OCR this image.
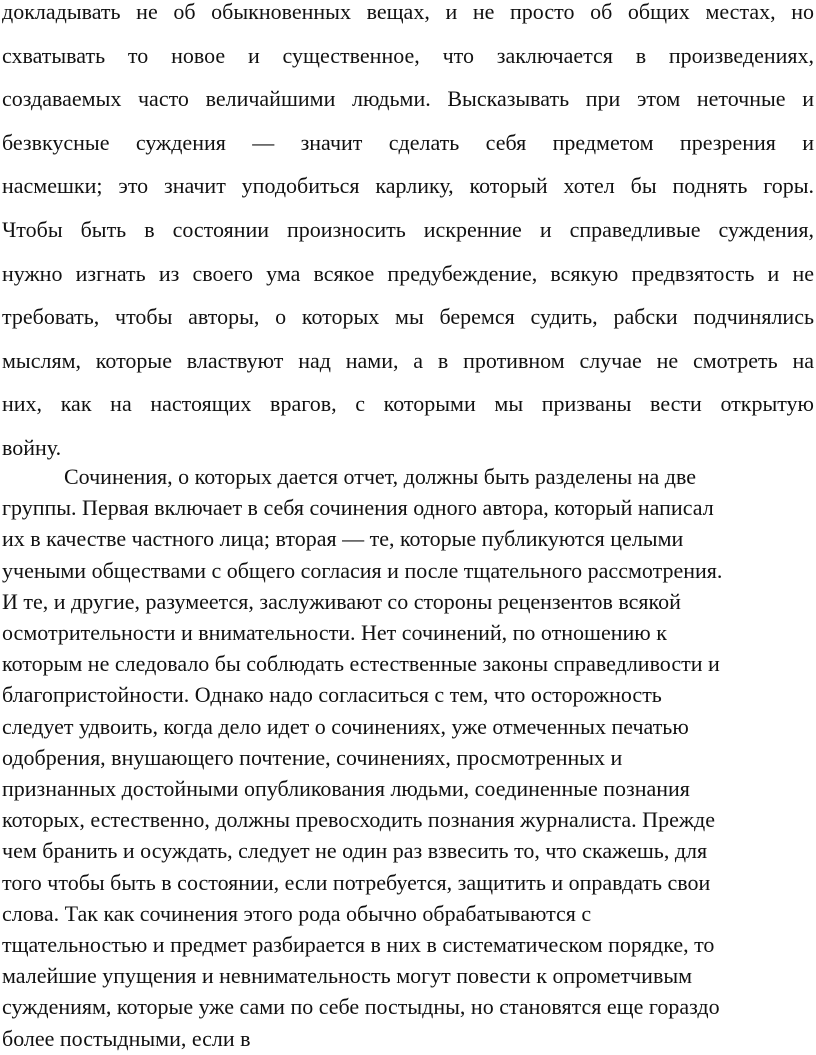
докладывать не об обыкновенных вещах, и не просто об общих местах, но
схватывать то новое и существенное, что заключается в произведениях,
создаваемых часто величайшими людьми. Высказывать при этом неточные и
безвкусные суждения — значит сделать себя предметом презрения и
насмешки; это значит уподобиться карлику, который хотел бы поднять горы.
Чтобы быть в состоянии произносить искренние и справедливые суждения,
нужно изгнать из своего ума всякое предубеждение, всякую предвзятость и не
требовать, чтобы авторы, о которых мы беремся судить, рабски подчинялись
мыслям, которые властвуют над нами, а в противном случае не смотреть на
них, как на настоящих врагов, с которыми мы призваны вести открытую
войну.
Сочинения, о которых дается отчет, должны быть разделены на две
группы. Первая включает в себя сочинения одного автора, который написал
их в качестве частного лица; вторая — те, которые публикуются целыми
учеными обществами с общего согласия и после тщательного рассмотрения.
И те, и другие, разумеется, заслуживают со стороны рецензентов всякой
осмотрительности и внимательности. Нет сочинений, по отношению к
которым не следовало бы соблюдать естественные законы справедливости и
благопристойности. Однако надо согласиться с тем, что осторожность
следует удвоить, когда дело идет о сочинениях, уже отмеченных печатью
одобрения, внушающего почтение, сочинениях, просмотренных и
признанных достойными опубликования людьми, соединенные познания
которых, естественно, должны превосходить познания журналиста. Прежде
чем бранить и осуждать, следует не один раз взвесить то, что скажешь, для
того чтобы быть в состоянии, если потребуется, защитить и оправдать свои
слова. Так как сочинения этого рода обычно обрабатываются с
тщательностью и предмет разбирается в них в систематическом порядке, то
малейшие упущения и невнимательность могут повести к опрометчивым
суждениям, которые уже сами по себе постыдны, но становятся еще гораздо
более постыдными, если в
